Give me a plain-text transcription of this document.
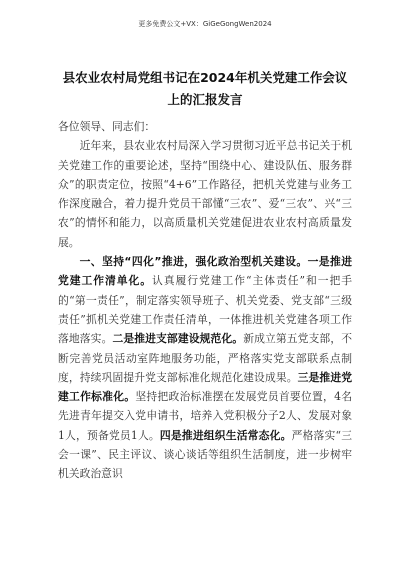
更多免费公文+VX：GiGeGongWen2024
县农业农村局党组书记在2024年机关党建工作会议上的汇报发言

各位领导、同志们：

近年来，县农业农村局深入学习贯彻习近平总书记关于机关党建工作的重要论述，坚持“围绕中心、建设队伍、服务群众”的职责定位，按照“4+6”工作路径，把机关党建与业务工作深度融合，着力提升党员干部懂“三农”、爱“三农”、兴“三农”的情怀和能力，以高质量机关党建促进农业农村高质量发展。

一、坚持“四化”推进，强化政治型机关建设。一是推进党建工作清单化。认真履行党建工作“主体责任”和一把手的“第一责任”，制定落实领导班子、机关党委、党支部“三级责任”抓机关党建工作责任清单，一体推进机关党建各项工作落地落实。二是推进支部建设规范化。新成立第五党支部，不断完善党员活动室阵地服务功能，严格落实党支部联系点制度，持续巩固提升党支部标准化规范化建设成果。三是推进党建工作标准化。坚持把政治标准摆在发展党员首要位置，4名先进青年提交入党申请书，培养入党积极分子2人、发展对象1人，预备党员1人。四是推进组织生活常态化。严格落实“三会一课”、民主评议、谈心谈话等组织生活制度，进一步树牢机关政治意识
